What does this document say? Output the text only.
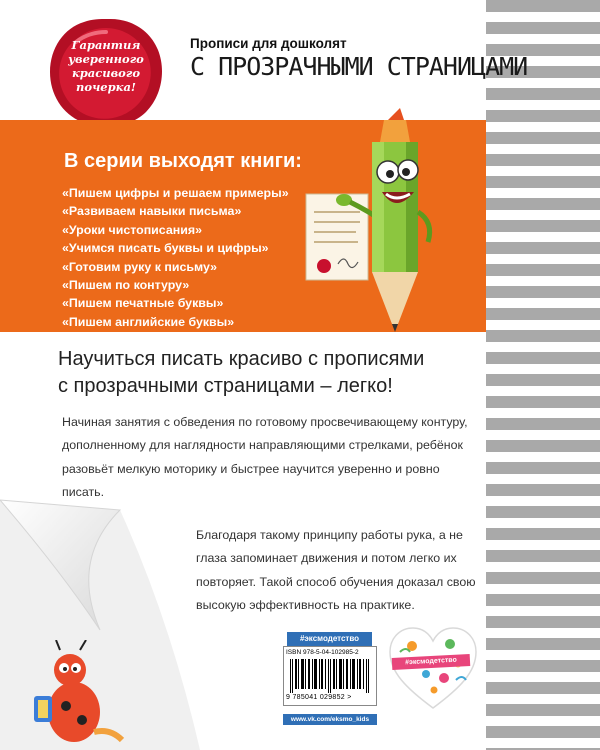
Гарантия
уверенного
красивого
почерка!
Прописи для дошколят
С ПРОЗРАЧНЫМИ СТРАНИЦАМИ
В серии выходят книги:
«Пишем цифры и решаем примеры»
«Развиваем навыки письма»
«Уроки чистописания»
«Учимся писать буквы и цифры»
«Готовим руку к письму»
«Пишем по контуру»
«Пишем печатные буквы»
«Пишем английские буквы»
Научиться писать красиво с прописями
с прозрачными страницами – легко!
Начиная занятия с обведения по готовому просвечивающему контуру, дополненному для наглядности направляющими стрелками, ребёнок разовьёт мелкую моторику и быстрее научится уверенно и ровно писать.
Благодаря такому принципу работы рука, а не глаза запоминает движения и потом легко их повторяет. Такой способ обучения доказал свою высокую эффективность на практике.
#эксмодетство
ISBN 978-5-04-102985-2
9 785041 029852 >
www.vk.com/eksmo_kids
#эксмодетство
